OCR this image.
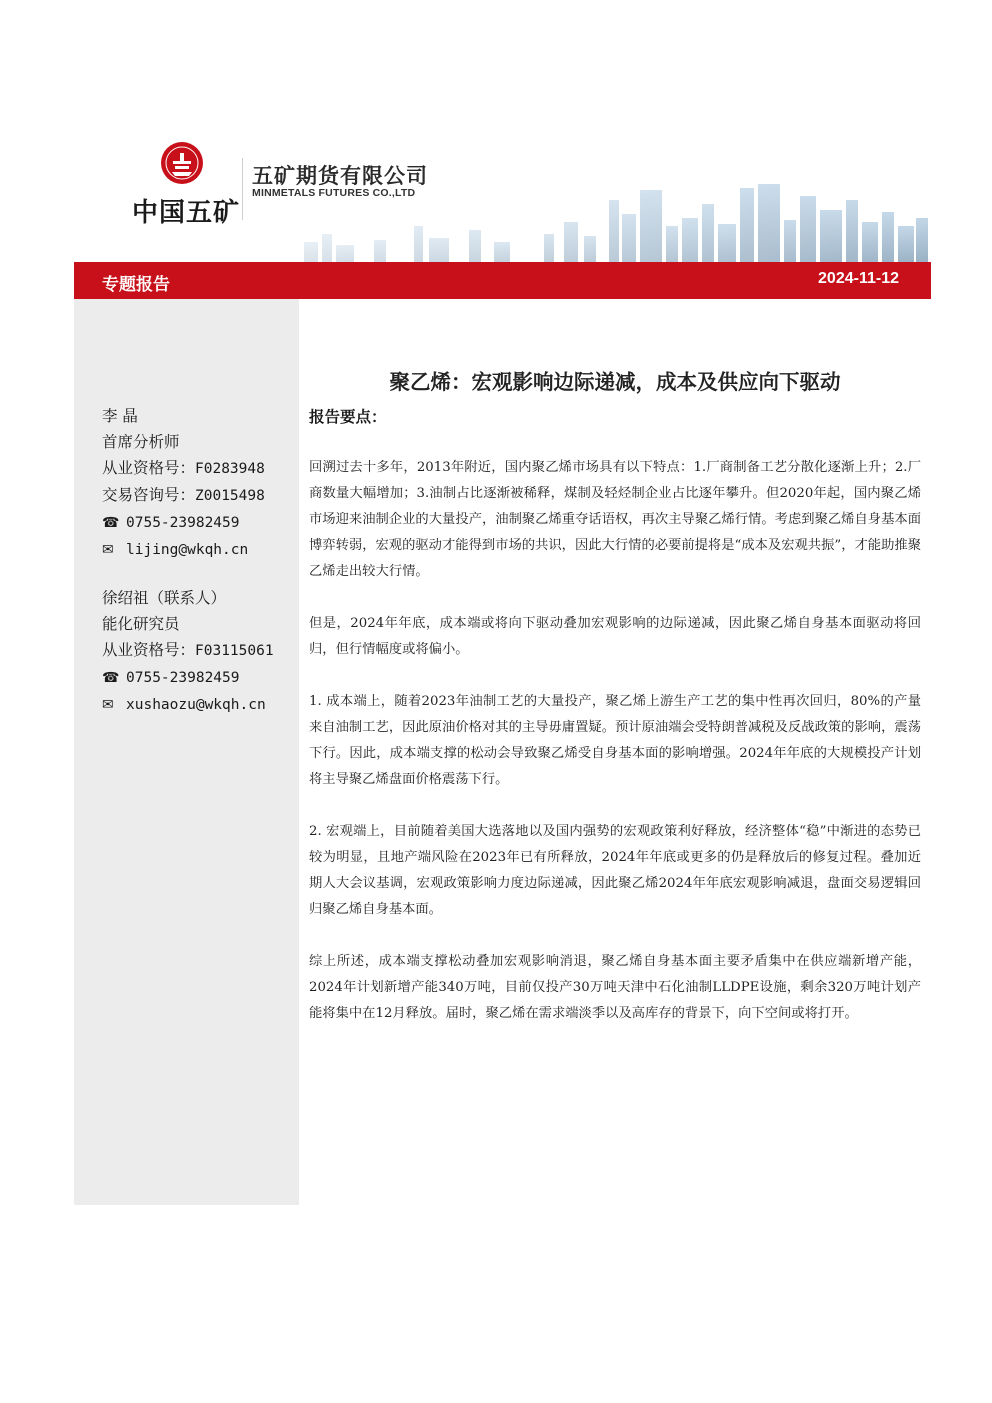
中国五矿
五矿期货有限公司
MINMETALS FUTURES CO.,LTD
专题报告	2024-11-12
李 晶
首席分析师
从业资格号：F0283948
交易咨询号：Z0015498
☎ 0755-23982459
✉ lijing@wkqh.cn
徐绍祖（联系人）
能化研究员
从业资格号：F03115061
☎ 0755-23982459
✉ xushaozu@wkqh.cn
聚乙烯：宏观影响边际递减，成本及供应向下驱动
报告要点：

回溯过去十多年，2013年附近，国内聚乙烯市场具有以下特点：1.厂商制备工艺分散化逐渐上升；2.厂商数量大幅增加；3.油制占比逐渐被稀释，煤制及轻烃制企业占比逐年攀升。但2020年起，国内聚乙烯市场迎来油制企业的大量投产，油制聚乙烯重夺话语权，再次主导聚乙烯行情。考虑到聚乙烯自身基本面博弈转弱，宏观的驱动才能得到市场的共识，因此大行情的必要前提将是“成本及宏观共振”，才能助推聚乙烯走出较大行情。

但是，2024年年底，成本端或将向下驱动叠加宏观影响的边际递减，因此聚乙烯自身基本面驱动将回归，但行情幅度或将偏小。

1. 成本端上，随着2023年油制工艺的大量投产，聚乙烯上游生产工艺的集中性再次回归，80%的产量来自油制工艺，因此原油价格对其的主导毋庸置疑。预计原油端会受特朗普减税及反战政策的影响，震荡下行。因此，成本端支撑的松动会导致聚乙烯受自身基本面的影响增强。2024年年底的大规模投产计划将主导聚乙烯盘面价格震荡下行。

2. 宏观端上，目前随着美国大选落地以及国内强势的宏观政策利好释放，经济整体“稳”中渐进的态势已较为明显，且地产端风险在2023年已有所释放，2024年年底或更多的仍是释放后的修复过程。叠加近期人大会议基调，宏观政策影响力度边际递减，因此聚乙烯2024年年底宏观影响减退，盘面交易逻辑回归聚乙烯自身基本面。

综上所述，成本端支撑松动叠加宏观影响消退，聚乙烯自身基本面主要矛盾集中在供应端新增产能，2024年计划新增产能340万吨，目前仅投产30万吨天津中石化油制LLDPE设施，剩余320万吨计划产能将集中在12月释放。届时，聚乙烯在需求端淡季以及高库存的背景下，向下空间或将打开。
